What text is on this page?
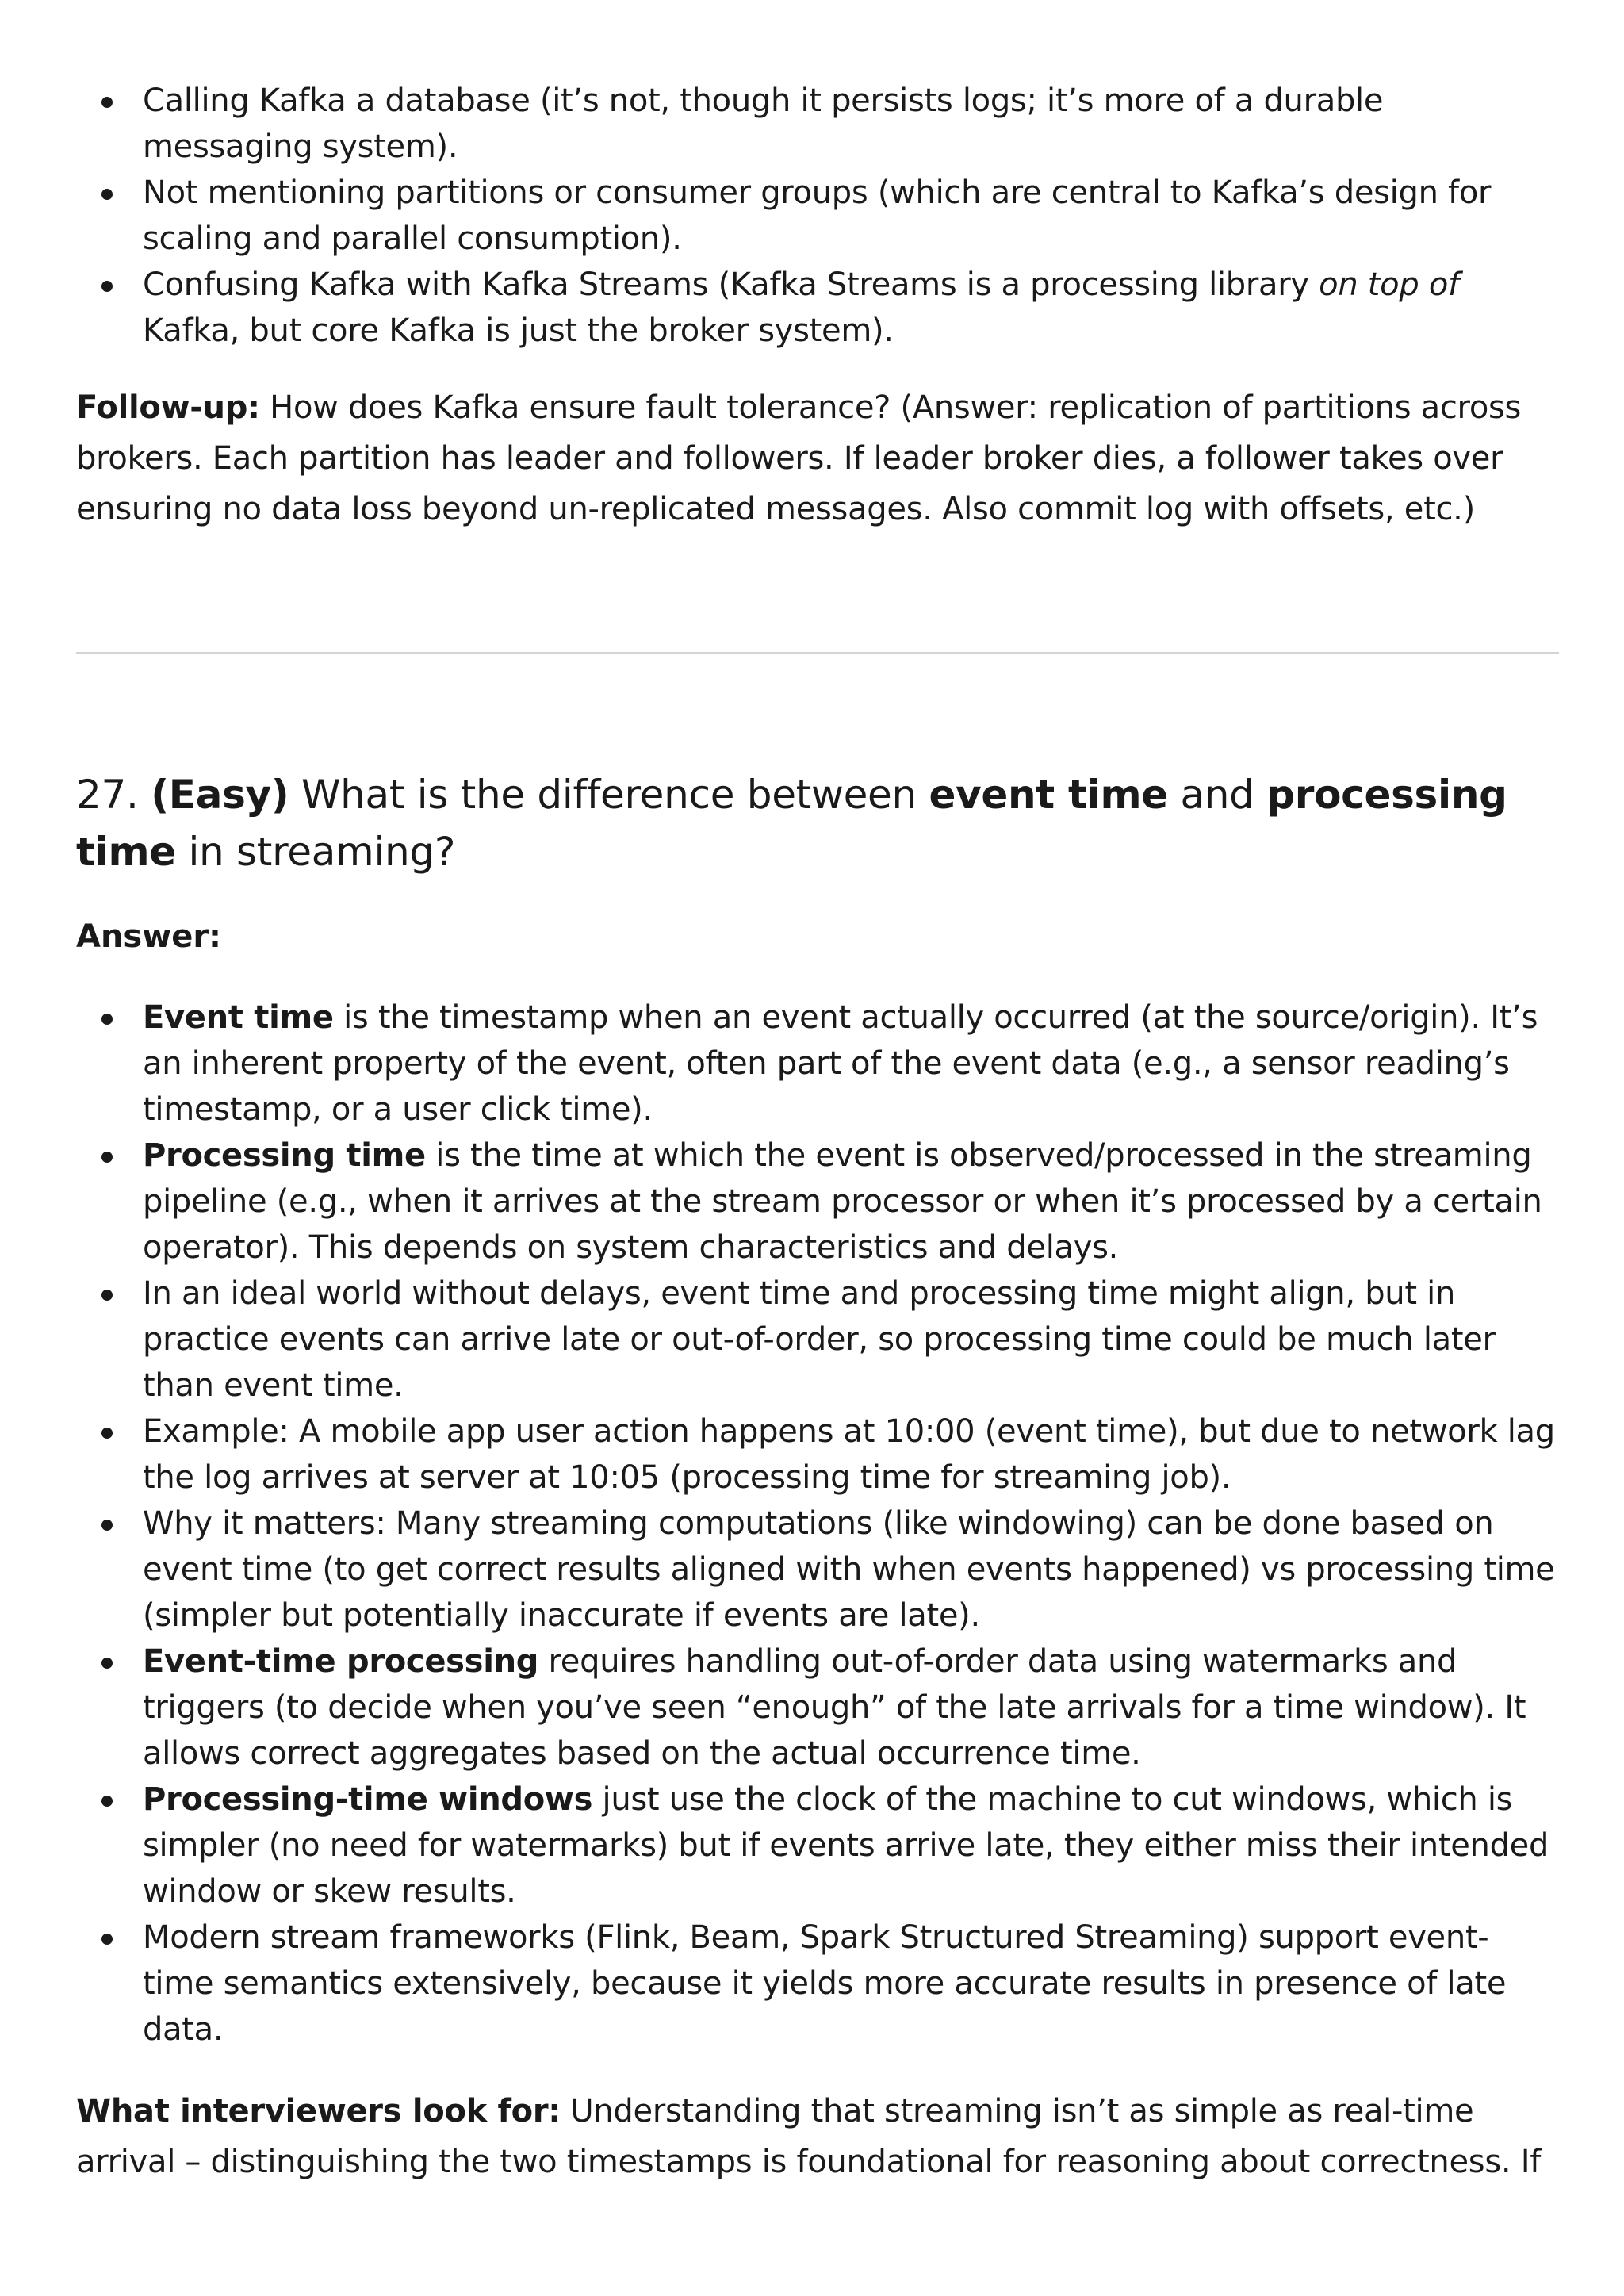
Calling Kafka a database (it’s not, though it persists logs; it’s more of a durable messaging system).
Not mentioning partitions or consumer groups (which are central to Kafka’s design for scaling and parallel consumption).
Confusing Kafka with Kafka Streams (Kafka Streams is a processing library on top of Kafka, but core Kafka is just the broker system).

Follow-up: How does Kafka ensure fault tolerance? (Answer: replication of partitions across brokers. Each partition has leader and followers. If leader broker dies, a follower takes over ensuring no data loss beyond un-replicated messages. Also commit log with offsets, etc.)

27. (Easy) What is the difference between event time and processing time in streaming?

Answer:

Event time is the timestamp when an event actually occurred (at the source/origin). It’s an inherent property of the event, often part of the event data (e.g., a sensor reading’s timestamp, or a user click time).
Processing time is the time at which the event is observed/processed in the streaming pipeline (e.g., when it arrives at the stream processor or when it’s processed by a certain operator). This depends on system characteristics and delays.
In an ideal world without delays, event time and processing time might align, but in practice events can arrive late or out-of-order, so processing time could be much later than event time.
Example: A mobile app user action happens at 10:00 (event time), but due to network lag the log arrives at server at 10:05 (processing time for streaming job).
Why it matters: Many streaming computations (like windowing) can be done based on event time (to get correct results aligned with when events happened) vs processing time (simpler but potentially inaccurate if events are late).
Event-time processing requires handling out-of-order data using watermarks and triggers (to decide when you’ve seen “enough” of the late arrivals for a time window). It allows correct aggregates based on the actual occurrence time.
Processing-time windows just use the clock of the machine to cut windows, which is simpler (no need for watermarks) but if events arrive late, they either miss their intended window or skew results.
Modern stream frameworks (Flink, Beam, Spark Structured Streaming) support event-time semantics extensively, because it yields more accurate results in presence of late data.

What interviewers look for: Understanding that streaming isn’t as simple as real-time arrival – distinguishing the two timestamps is foundational for reasoning about correctness. If
